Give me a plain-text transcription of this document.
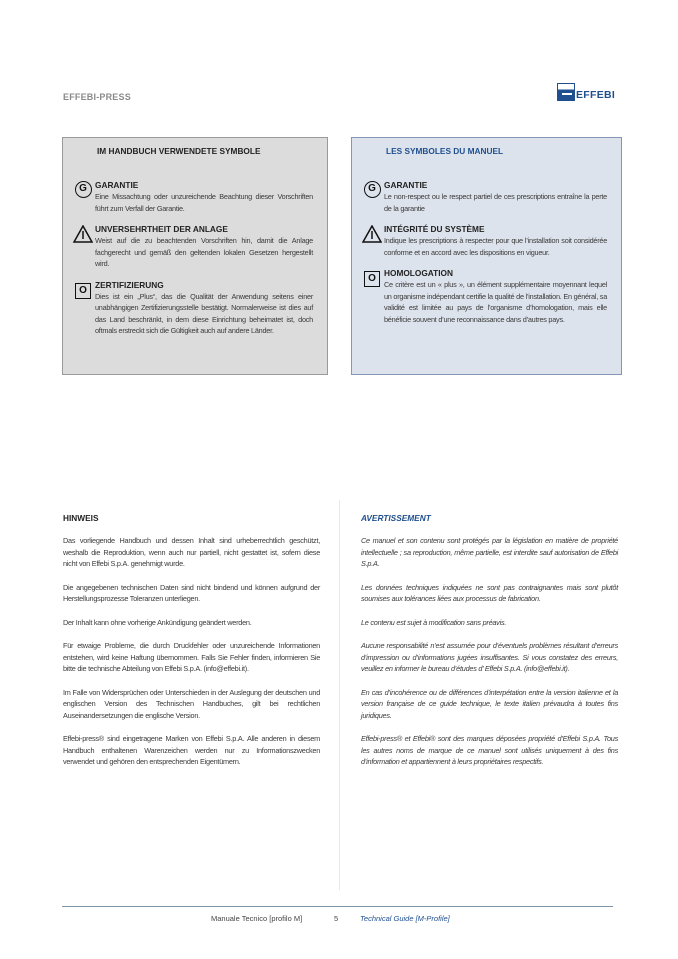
EFFEBI-PRESS	EFFEBI
IM HANDBUCH VERWENDETE SYMBOLE
G GARANTIE

Eine Missachtung oder unzureichende Beachtung dieser Vorschriften führt zum Verfall der Garantie.

UNVERSEHRTHEIT DER ANLAGE

Weist auf die zu beachtenden Vorschriften hin, damit die Anlage fachgerecht und gemäß den geltenden lokalen Gesetzen hergestellt wird.

O ZERTIFIZIERUNG

Dies ist ein „Plus“, das die Qualität der Anwendung seitens einer unabhängigen Zertifizierungsstelle bestätigt. Normalerweise ist dies auf das Land beschränkt, in dem diese Einrichtung beheimatet ist, doch oftmals erstreckt sich die Gültigkeit auch auf andere Länder.

LES SYMBOLES DU MANUEL
G GARANTIE

Le non-respect ou le respect partiel de ces prescriptions entraîne la perte de la garantie

INTÉGRITÉ DU SYSTÈME

Indique les prescriptions à respecter pour que l’installation soit considérée conforme et en accord avec les dispositions en vigueur.

O HOMOLOGATION

Ce critère est un « plus », un élément supplémentaire moyennant lequel un organisme indépendant certifie la qualité de l’installation. En général, sa validité est limitée au pays de l’organisme d’homologation, mais elle bénéficie souvent d’une reconnaissance dans d’autres pays.

HINWEIS

Das vorliegende Handbuch und dessen Inhalt sind urheberrechtlich geschützt, weshalb die Reproduktion, wenn auch nur partiell, nicht gestattet ist, sofern diese nicht von Effebi S.p.A. genehmigt wurde.

Die angegebenen technischen Daten sind nicht bindend und können aufgrund der Herstellungsprozesse Toleranzen unterliegen.

Der Inhalt kann ohne vorherige Ankündigung geändert werden.

Für etwaige Probleme, die durch Druckfehler oder unzureichende Informationen entstehen, wird keine Haftung übernommen. Falls Sie Fehler finden, informieren Sie bitte die technische Abteilung von Effebi S.p.A. (info@effebi.it).

Im Falle von Widersprüchen oder Unterschieden in der Auslegung der deutschen und englischen Version des Technischen Handbuches, gilt bei rechtlichen Auseinandersetzungen die englische Version.

Effebi-press® sind eingetragene Marken von Effebi S.p.A. Alle anderen in diesem Handbuch enthaltenen Warenzeichen werden nur zu Informationszwecken verwendet und gehören den entsprechenden Eigentümern.

AVERTISSEMENT

Ce manuel et son contenu sont protégés par la législation en matière de propriété intellectuelle ; sa reproduction, même partielle, est interdite sauf autorisation de Effebi S.p.A.

Les données techniques indiquées ne sont pas contraignantes mais sont plutôt soumises aux tolérances liées aux processus de fabrication.

Le contenu est sujet à modification sans préavis.

Aucune responsabilité n’est assumée pour d’éventuels problèmes résultant d’erreurs d’impression ou d’informations jugées insuffisantes. Si vous constatez des erreurs, veuillez en informer le bureau d’études d’ Effebi S.p.A. (info@effebi.it).

En cas d’incohérence ou de différences d’interpétation entre la version italienne et la version française de ce guide technique, le texte italien prévaudra à toutes fins juridiques.

Effebi-press® et Effebi® sont des marques déposées propriété d’Effebi S.p.A. Tous les autres noms de marque de ce manuel sont utilisés uniquement à des fins d’information et appartiennent à leurs propriétaires respectifs.

Manuale Tecnico [profilo M]	5	Technical Guide [M-Profile]
